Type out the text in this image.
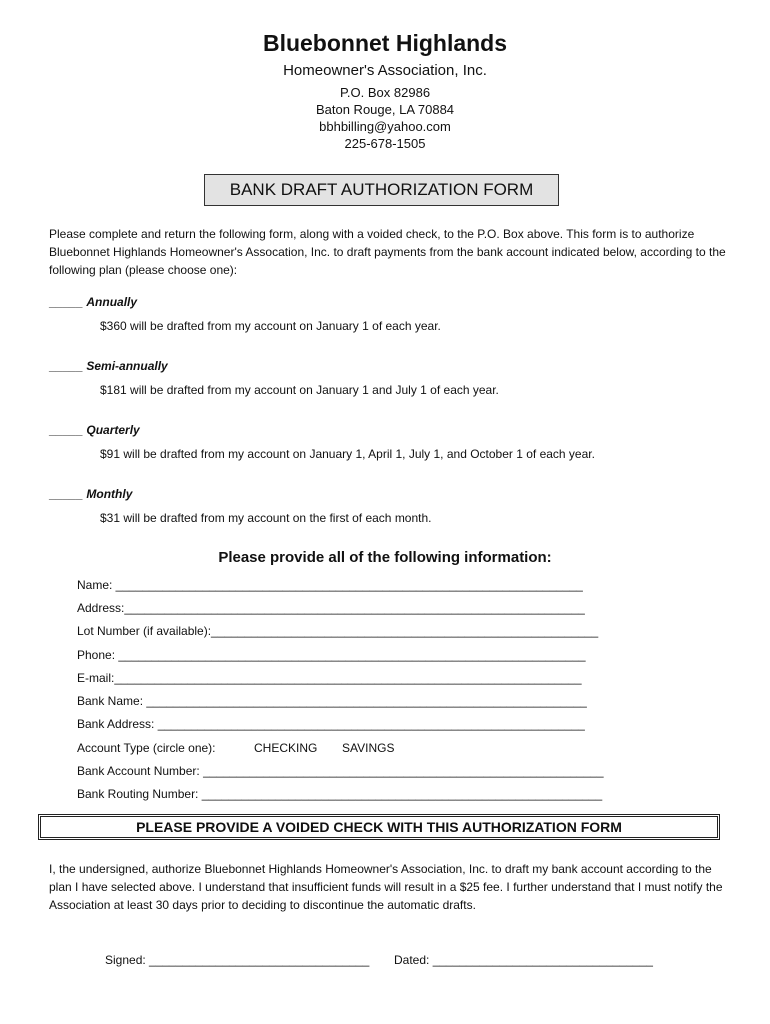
Bluebonnet Highlands
Homeowner's Association, Inc.
P.O. Box 82986
Baton Rouge, LA 70884
bbhbilling@yahoo.com
225-678-1505
BANK DRAFT AUTHORIZATION FORM
Please complete and return the following form, along with a voided check, to the P.O. Box above. This form is to authorize Bluebonnet Highlands Homeowner's Assocation, Inc. to draft payments from the bank account indicated below, according to the following plan (please choose one):
_____ Annually
$360 will be drafted from my account on January 1 of each year.
_____ Semi-annually
$181 will be drafted from my account on January 1 and July 1 of each year.
_____ Quarterly
$91 will be drafted from my account on January 1, April 1, July 1, and October 1 of each year.
_____ Monthly
$31 will be drafted from my account on the first of each month.
Please provide all of the following information:
Name: ______________________________________________________________________
Address:_____________________________________________________________________
Lot Number (if available):__________________________________________________________
Phone: ______________________________________________________________________
E-mail:______________________________________________________________________
Bank Name: __________________________________________________________________
Bank Address: ________________________________________________________________
Account Type (circle one):	CHECKING SAVINGS
Bank Account Number: ____________________________________________________________
Bank Routing Number: ____________________________________________________________
PLEASE PROVIDE A VOIDED CHECK WITH THIS AUTHORIZATION FORM
I, the undersigned, authorize Bluebonnet Highlands Homeowner's Association, Inc. to draft my bank account according to the plan I have selected above. I understand that insufficient funds will result in a $25 fee. I further understand that I must notify the Association at least 30 days prior to deciding to discontinue the automatic drafts.
Signed: _________________________________ Dated: _________________________________
